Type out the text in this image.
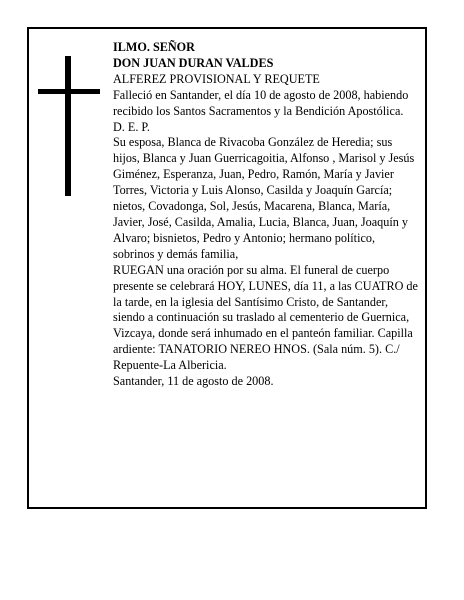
ILMO. SEÑOR

DON JUAN DURAN VALDES

ALFEREZ PROVISIONAL Y REQUETE

Falleció en Santander, el día 10 de agosto de 2008, habiendo recibido los Santos Sacramentos y la Bendición Apostólica.

D. E. P.

Su esposa, Blanca de Rivacoba González de Heredia; sus hijos, Blanca y Juan Guerricagoitia, Alfonso , Marisol y Jesús Giménez, Esperanza, Juan, Pedro, Ramón, María y Javier Torres, Victoria y Luis Alonso, Casilda y Joaquín García; nietos, Covadonga, Sol, Jesús, Macarena, Blanca, María, Javier, José, Casilda, Amalia, Lucia, Blanca, Juan, Joaquín y Alvaro; bisnietos, Pedro y Antonio; hermano político, sobrinos y demás familia,

RUEGAN una oración por su alma. El funeral de cuerpo presente se celebrará HOY, LUNES, día 11, a las CUATRO de la tarde, en la iglesia del Santísimo Cristo, de Santander, siendo a continuación su traslado al cementerio de Guernica, Vizcaya, donde será inhumado en el panteón familiar. Capilla ardiente: TANATORIO NEREO HNOS. (Sala núm. 5). C./ Repuente-La Albericia.

Santander, 11 de agosto de 2008.
